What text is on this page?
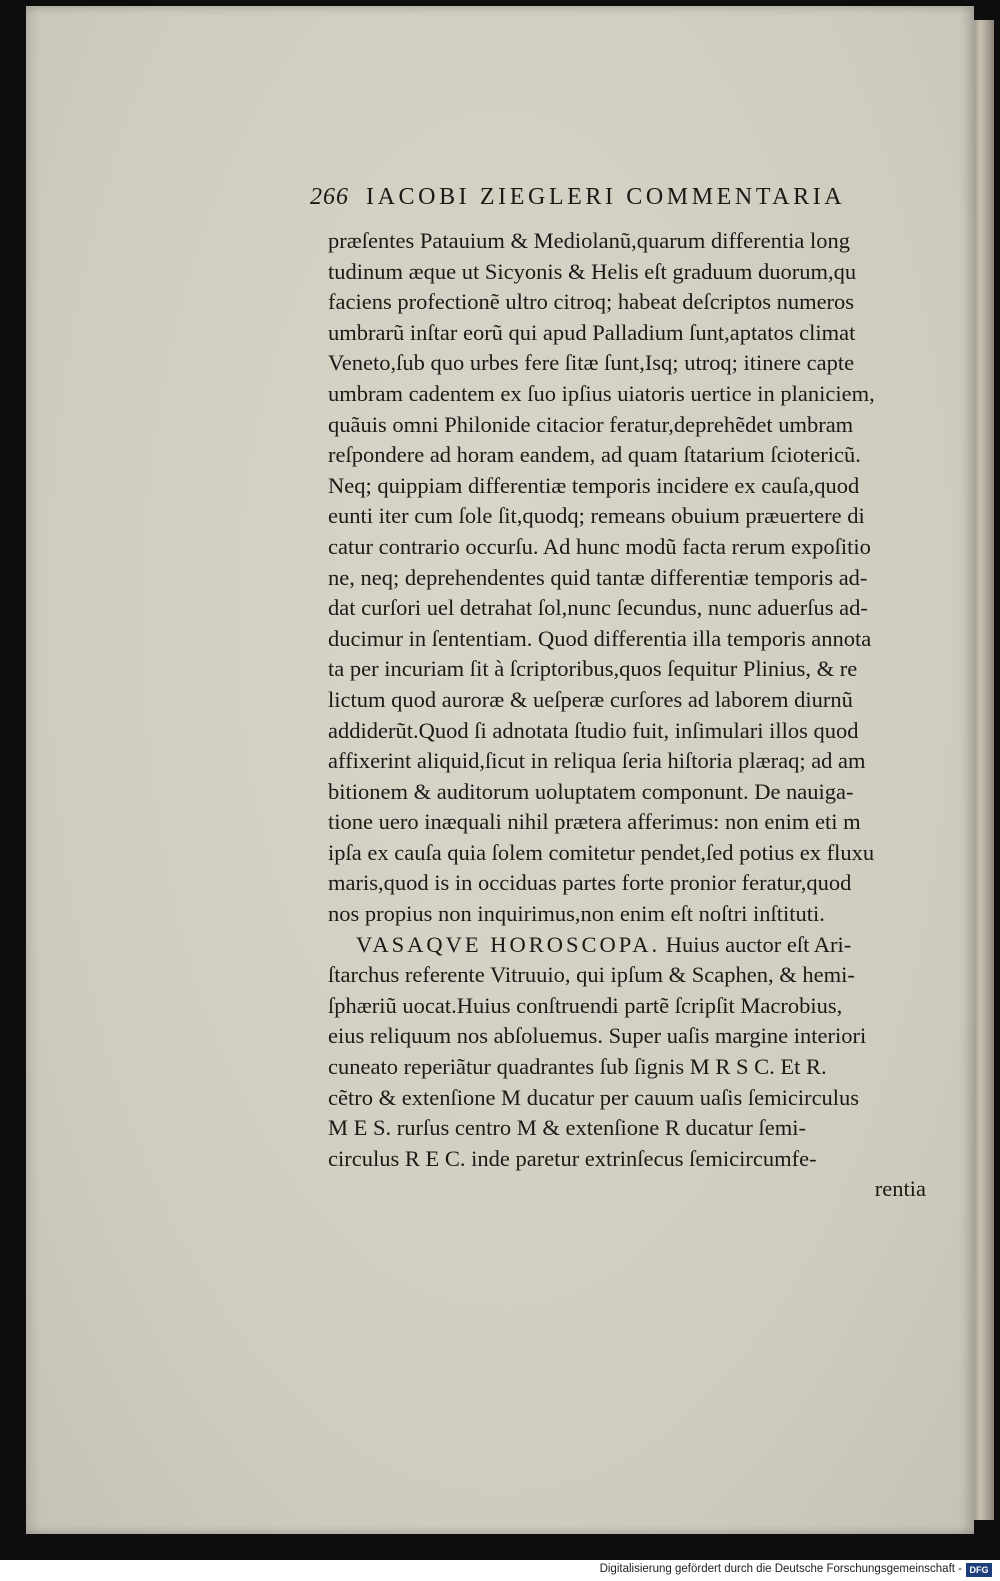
266 IACOBI ZIEGLERI COMMENTARIA
præſentes Patauium & Mediolanũ,quarum differentia long
tudinum æque ut Sicyonis & Helis eſt graduum duorum,qu
faciens profectionẽ ultro citroq; habeat deſcriptos numeros
umbrarũ inſtar eorũ qui apud Palladium ſunt,aptatos climat
Veneto,ſub quo urbes fere ſitæ ſunt,Isq; utroq; itinere capte
umbram cadentem ex ſuo ipſius uiatoris uertice in planiciem,
quãuis omni Philonide citacior feratur,deprehẽdet umbram
reſpondere ad horam eandem, ad quam ſtatarium ſciotericũ.
Neq; quippiam differentiæ temporis incidere ex cauſa,quod
eunti iter cum ſole ſit,quodq; remeans obuium præuertere di
catur contrario occurſu. Ad hunc modũ facta rerum expoſitio
ne, neq; deprehendentes quid tantæ differentiæ temporis ad-
dat curſori uel detrahat ſol,nunc ſecundus, nunc aduerſus ad-
ducimur in ſententiam. Quod differentia illa temporis annota
ta per incuriam ſit à ſcriptoribus,quos ſequitur Plinius, & re
lictum quod auroræ & ueſperæ curſores ad laborem diurnũ
addiderũt.Quod ſi adnotata ſtudio fuit, inſimulari illos quod
affixerint aliquid,ſicut in reliqua ſeria hiſtoria plæraq; ad am
bitionem & auditorum uoluptatem componunt. De nauiga-
tione uero inæquali nihil prætera afferimus: non enim eti m
ipſa ex cauſa quia ſolem comitetur pendet,ſed potius ex fluxu
maris,quod is in occiduas partes forte pronior feratur,quod
nos propius non inquirimus,non enim eſt noſtri inſtituti.
VASAQVE HOROSCOPA. Huius auctor eſt Ari-
ſtarchus referente Vitruuio, qui ipſum & Scaphen, & hemi-
ſphæriũ uocat.Huius conſtruendi partẽ ſcripſit Macrobius,
eius reliquum nos abſoluemus. Super uaſis margine interiori
cuneato reperiãtur quadrantes ſub ſignis M R S C. Et R.
cẽtro & extenſione M ducatur per cauum uaſis ſemicirculus
M E S. rurſus centro M & extenſione R ducatur ſemi-
circulus R E C. inde paretur extrinſecus ſemicircumfe-
rentia
Digitalisierung gefördert durch die Deutsche Forschungsgemeinschaft - DFG
